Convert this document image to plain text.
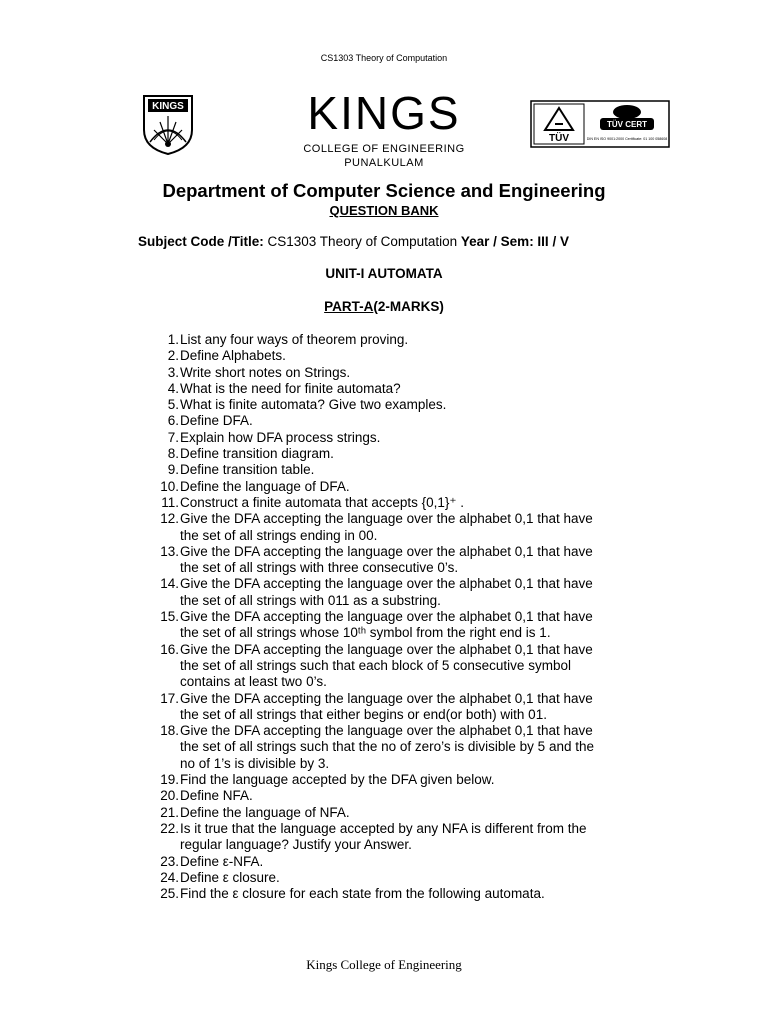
CS1303 Theory of Computation
KINGS	KINGS
COLLEGE OF ENGINEERING
PUNALKULAM
TÜV
TÜV CERT
DIN EN ISO 9001:2000 Certificate: 01 100 058608
Department of Computer Science and Engineering
QUESTION BANK
Subject Code /Title: CS1303 Theory of Computation Year / Sem: III / V
UNIT-I AUTOMATA
PART-A(2-MARKS)
1. List any four ways of theorem proving.
2. Define Alphabets.
3. Write short notes on Strings.
4. What is the need for finite automata?
5. What is finite automata? Give two examples.
6. Define DFA.
7. Explain how DFA process strings.
8. Define transition diagram.
9. Define transition table.
10. Define the language of DFA.
11. Construct a finite automata that accepts {0,1}⁺ .
12. Give the DFA accepting the language over the alphabet 0,1 that have
the set of all strings ending in 00.
13. Give the DFA accepting the language over the alphabet 0,1 that have
the set of all strings with three consecutive 0’s.
14. Give the DFA accepting the language over the alphabet 0,1 that have
the set of all strings with 011 as a substring.
15. Give the DFA accepting the language over the alphabet 0,1 that have
the set of all strings whose 10ᵗʰ symbol from the right end is 1.
16. Give the DFA accepting the language over the alphabet 0,1 that have
the set of all strings such that each block of 5 consecutive symbol
contains at least two 0’s.
17. Give the DFA accepting the language over the alphabet 0,1 that have
the set of all strings that either begins or end(or both) with 01.
18. Give the DFA accepting the language over the alphabet 0,1 that have
the set of all strings such that the no of zero’s is divisible by 5 and the
no of 1’s is divisible by 3.
19. Find the language accepted by the DFA given below.
20. Define NFA.
21. Define the language of NFA.
22. Is it true that the language accepted by any NFA is different from the
regular language? Justify your Answer.
23. Define ε-NFA.
24. Define ε closure.
25. Find the ε closure for each state from the following automata.
Kings College of Engineering
